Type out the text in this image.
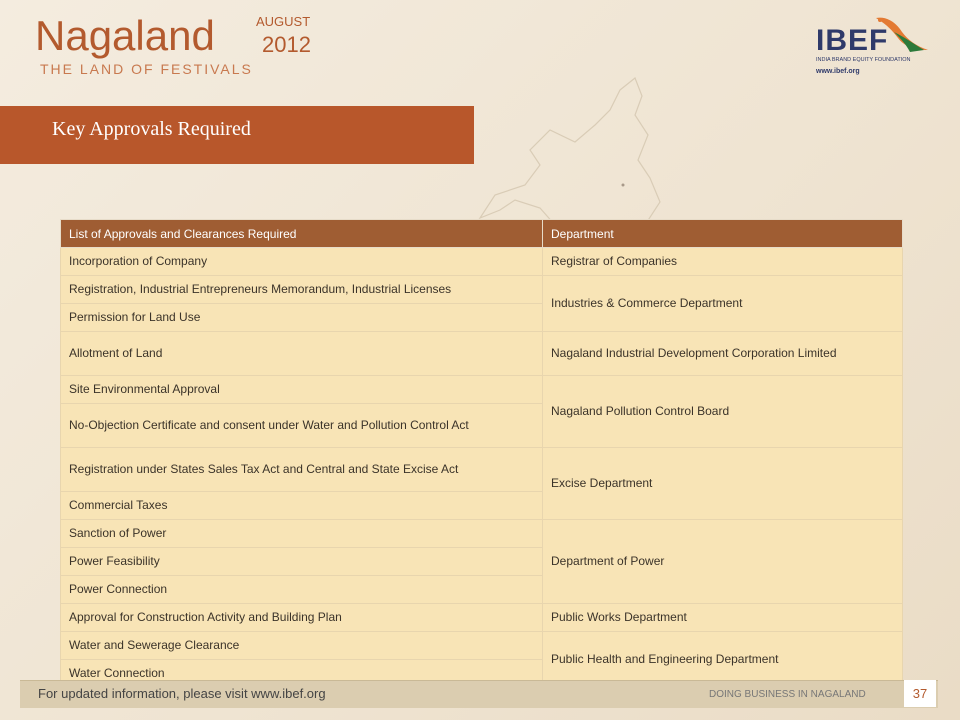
Nagaland
THE LAND OF FESTIVALS
AUGUST
2012	IBEF
INDIA BRAND EQUITY FOUNDATION
www.ibef.org
Key Approvals Required
List of Approvals and Clearances Required	Department
Incorporation of Company	Registrar of Companies
Registration, Industrial Entrepreneurs Memorandum, Industrial Licenses	Industries & Commerce Department
Permission for Land Use	
Allotment of Land	Nagaland Industrial Development Corporation Limited
Site Environmental Approval	Nagaland Pollution Control Board
No-Objection Certificate and consent under Water and Pollution Control Act	
Registration under States Sales Tax Act and Central and State Excise Act	Excise Department
Commercial Taxes	
Sanction of Power	Department of Power
Power Feasibility	
Power Connection	
Approval for Construction Activity and Building Plan	Public Works Department
Water and Sewerage Clearance	Public Health and Engineering Department
Water Connection	
For updated information, please visit www.ibef.org	DOING BUSINESS IN NAGALAND	37
